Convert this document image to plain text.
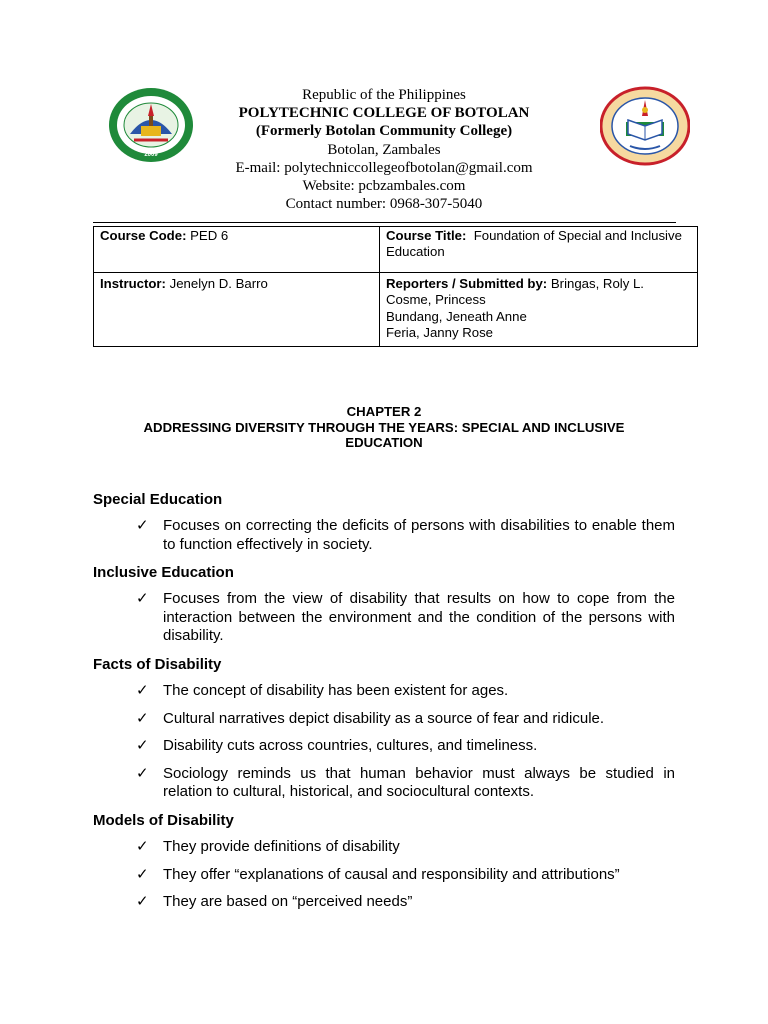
2009
Republic of the Philippines
POLYTECHNIC COLLEGE OF BOTOLAN
(Formerly Botolan Community College)
Botolan, Zambales
E-mail: polytechniccollegeofbotolan@gmail.com
Website: pcbzambales.com
Contact number: 0968-307-5040
Course Code: PED 6	Course Title: Foundation of Special and Inclusive Education
Instructor: Jenelyn D. Barro	Reporters / Submitted by: Bringas, Roly L.
Cosme, Princess
Bundang, Jeneath Anne
Feria, Janny Rose
CHAPTER 2
ADDRESSING DIVERSITY THROUGH THE YEARS: SPECIAL AND INCLUSIVE EDUCATION

Special Education

✓ Focuses on correcting the deficits of persons with disabilities to enable them to function effectively in society.

Inclusive Education

✓ Focuses from the view of disability that results on how to cope from the interaction between the environment and the condition of the persons with disability.

Facts of Disability

✓ The concept of disability has been existent for ages.
✓ Cultural narratives depict disability as a source of fear and ridicule.
✓ Disability cuts across countries, cultures, and timeliness.
✓ Sociology reminds us that human behavior must always be studied in relation to cultural, historical, and sociocultural contexts.

Models of Disability

✓ They provide definitions of disability
✓ They offer “explanations of causal and responsibility and attributions”
✓ They are based on “perceived needs”
